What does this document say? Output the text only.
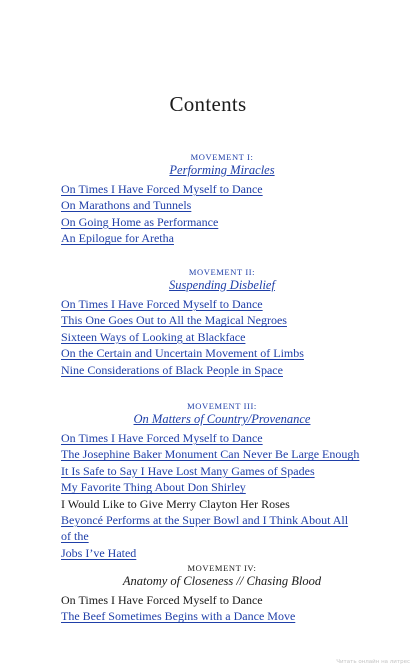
Contents
MOVEMENT I:
Performing Miracles
On Times I Have Forced Myself to Dance
On Marathons and Tunnels
On Going Home as Performance
An Epilogue for Aretha
MOVEMENT II:
Suspending Disbelief
On Times I Have Forced Myself to Dance
This One Goes Out to All the Magical Negroes
Sixteen Ways of Looking at Blackface
On the Certain and Uncertain Movement of Limbs
Nine Considerations of Black People in Space
MOVEMENT III:
On Matters of Country/Provenance
On Times I Have Forced Myself to Dance
The Josephine Baker Monument Can Never Be Large Enough
It Is Safe to Say I Have Lost Many Games of Spades
My Favorite Thing About Don Shirley
I Would Like to Give Merry Clayton Her Roses
Beyoncé Performs at the Super Bowl and I Think About All of the
Jobs I’ve Hated
MOVEMENT IV:
Anatomy of Closeness // Chasing Blood
On Times I Have Forced Myself to Dance
The Beef Sometimes Begins with a Dance Move
Читать онлайн на литрес
